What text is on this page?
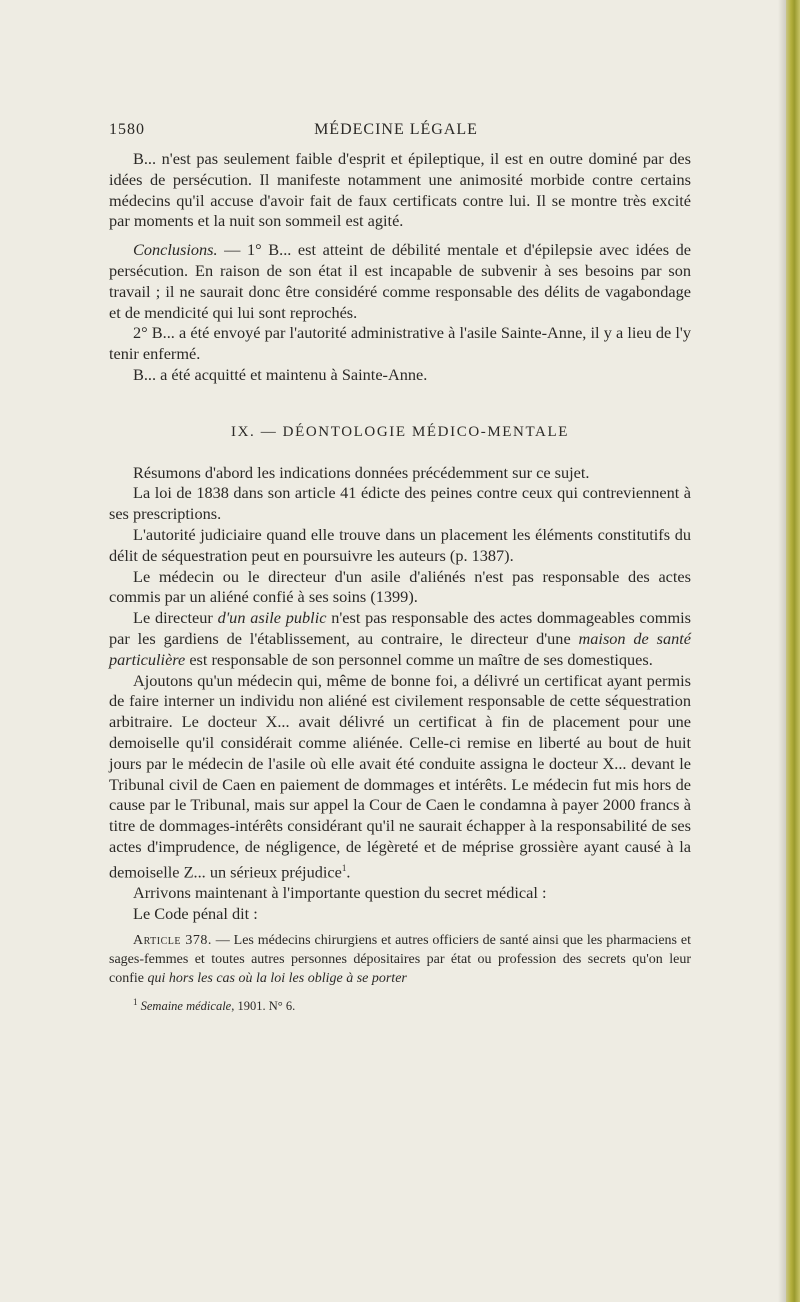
1580	MÉDECINE LÉGALE

B... n'est pas seulement faible d'esprit et épileptique, il est en outre dominé par des idées de persécution. Il manifeste notamment une animosité morbide contre certains médecins qu'il accuse d'avoir fait de faux certificats contre lui. Il se montre très excité par moments et la nuit son sommeil est agité.

Conclusions. — 1° B... est atteint de débilité mentale et d'épilepsie avec idées de persécution. En raison de son état il est incapable de subvenir à ses besoins par son travail ; il ne saurait donc être considéré comme responsable des délits de vagabondage et de mendicité qui lui sont reprochés.

2° B... a été envoyé par l'autorité administrative à l'asile Sainte-Anne, il y a lieu de l'y tenir enfermé.

B... a été acquitté et maintenu à Sainte-Anne.

IX. — DÉONTOLOGIE MÉDICO-MENTALE

Résumons d'abord les indications données précédemment sur ce sujet.

La loi de 1838 dans son article 41 édicte des peines contre ceux qui contreviennent à ses prescriptions.

L'autorité judiciaire quand elle trouve dans un placement les éléments constitutifs du délit de séquestration peut en poursuivre les auteurs (p. 1387).

Le médecin ou le directeur d'un asile d'aliénés n'est pas responsable des actes commis par un aliéné confié à ses soins (1399).

Le directeur d'un asile public n'est pas responsable des actes dommageables commis par les gardiens de l'établissement, au contraire, le directeur d'une maison de santé particulière est responsable de son personnel comme un maître de ses domestiques.

Ajoutons qu'un médecin qui, même de bonne foi, a délivré un certificat ayant permis de faire interner un individu non aliéné est civilement responsable de cette séquestration arbitraire. Le docteur X... avait délivré un certificat à fin de placement pour une demoiselle qu'il considérait comme aliénée. Celle-ci remise en liberté au bout de huit jours par le médecin de l'asile où elle avait été conduite assigna le docteur X... devant le Tribunal civil de Caen en paiement de dommages et intérêts. Le médecin fut mis hors de cause par le Tribunal, mais sur appel la Cour de Caen le condamna à payer 2000 francs à titre de dommages-intérêts considérant qu'il ne saurait échapper à la responsabilité de ses actes d'imprudence, de négligence, de légèreté et de méprise grossière ayant causé à la demoiselle Z... un sérieux préjudice$^1$.

Arrivons maintenant à l'importante question du secret médical :

Le Code pénal dit :

Article 378. — Les médecins chirurgiens et autres officiers de santé ainsi que les pharmaciens et sages-femmes et toutes autres personnes dépositaires par état ou profession des secrets qu'on leur confie qui hors les cas où la loi les oblige à se porter

$^1$ Semaine médicale, 1901. N° 6.
